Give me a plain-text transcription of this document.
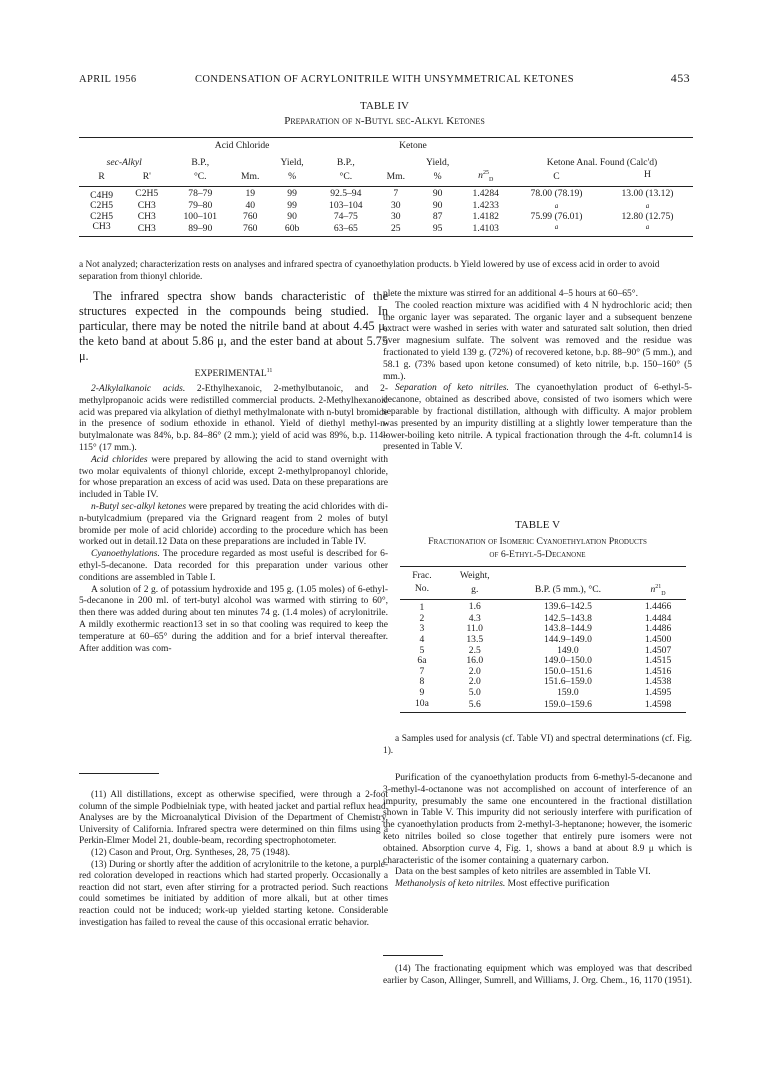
APRIL 1956	CONDENSATION OF ACRYLONITRILE WITH UNSYMMETRICAL KETONES	453
TABLE IV
Preparation of n-Butyl sec-Alkyl Ketones
		Acid Chloride			Ketone					
sec-Alkyl		B.P.,		Yield,	B.P.,		Yield,		Ketone Anal. Found (Calc'd)	
R	R'	°C.	Mm.	%	°C.	Mm.	%	$n^{25}_D$	C	H
C4H9	C2H5	78–79	19	99	92.5–94	7	90	1.4284	78.00 (78.19)	13.00 (13.12)
C2H5	CH3	79–80	40	99	103–104	30	90	1.4233	a	a
C2H5	CH3	100–101	760	90	74–75	30	87	1.4182	75.99 (76.01)	12.80 (12.75)
CH3	CH3	89–90	760	60b	63–65	25	95	1.4103	a	a
a Not analyzed; characterization rests on analyses and infrared spectra of cyanoethylation products. b Yield lowered by use of excess acid in order to avoid separation from thionyl chloride.

The infrared spectra show bands characteristic of the structures expected in the compounds being studied. In particular, there may be noted the nitrile band at about 4.45 μ, the keto band at about 5.86 μ, and the ester band at about 5.75 μ.

EXPERIMENTAL$^{11}$

2-Alkylalkanoic acids. 2-Ethylhexanoic, 2-methylbutanoic, and 2-methylpropanoic acids were redistilled commercial products. 2-Methylhexanoic acid was prepared via alkylation of diethyl methylmalonate with n-butyl bromide in the presence of sodium ethoxide in ethanol. Yield of diethyl methyl-n-butylmalonate was 84%, b.p. 84–86° (2 mm.); yield of acid was 89%, b.p. 114–115° (17 mm.).

Acid chlorides were prepared by allowing the acid to stand overnight with two molar equivalents of thionyl chloride, except 2-methylpropanoyl chloride, for whose preparation an excess of acid was used. Data on these preparations are included in Table IV.

n-Butyl sec-alkyl ketones were prepared by treating the acid chlorides with di-n-butylcadmium (prepared via the Grignard reagent from 2 moles of butyl bromide per mole of acid chloride) according to the procedure which has been worked out in detail.12 Data on these preparations are included in Table IV.

Cyanoethylations. The procedure regarded as most useful is described for 6-ethyl-5-decanone. Data recorded for this preparation under various other conditions are assembled in Table I.

A solution of 2 g. of potassium hydroxide and 195 g. (1.05 moles) of 6-ethyl-5-decanone in 200 ml. of tert-butyl alcohol was warmed with stirring to 60°, then there was added during about ten minutes 74 g. (1.4 moles) of acrylonitrile. A mildly exothermic reaction13 set in so that cooling was required to keep the temperature at 60–65° during the addition and for a brief interval thereafter. After addition was com-

(11) All distillations, except as otherwise specified, were through a 2-foot column of the simple Podbielniak type, with heated jacket and partial reflux head. Analyses are by the Microanalytical Division of the Department of Chemistry, University of California. Infrared spectra were determined on thin films using a Perkin-Elmer Model 21, double-beam, recording spectrophotometer.

(12) Cason and Prout, Org. Syntheses, 28, 75 (1948).

(13) During or shortly after the addition of acrylonitrile to the ketone, a purple-red coloration developed in reactions which had started properly. Occasionally a reaction did not start, even after stirring for a protracted period. Such reactions could sometimes be initiated by addition of more alkali, but at other times reaction could not be induced; work-up yielded starting ketone. Considerable investigation has failed to reveal the cause of this occasional erratic behavior.

plete the mixture was stirred for an additional 4–5 hours at 60–65°.

The cooled reaction mixture was acidified with 4 N hydrochloric acid; then the organic layer was separated. The organic layer and a subsequent benzene extract were washed in series with water and saturated salt solution, then dried over magnesium sulfate. The solvent was removed and the residue was fractionated to yield 139 g. (72%) of recovered ketone, b.p. 88–90° (5 mm.), and 58.1 g. (73% based upon ketone consumed) of keto nitrile, b.p. 150–160° (5 mm.).

Separation of keto nitriles. The cyanoethylation product of 6-ethyl-5-decanone, obtained as described above, consisted of two isomers which were separable by fractional distillation, although with difficulty. A major problem was presented by an impurity distilling at a slightly lower temperature than the lower-boiling keto nitrile. A typical fractionation through the 4-ft. column14 is presented in Table V.

TABLE V
Fractionation of Isomeric Cyanoethylation Products
of 6-Ethyl-5-Decanone
Frac.	Weight,		
No.	g.	B.P. (5 mm.), °C.	$n^{21}_D$
1	1.6	139.6–142.5	1.4466
2	4.3	142.5–143.8	1.4484
3	11.0	143.8–144.9	1.4486
4	13.5	144.9–149.0	1.4500
5	2.5	149.0	1.4507
6a	16.0	149.0–150.0	1.4515
7	2.0	150.0–151.6	1.4516
8	2.0	151.6–159.0	1.4538
9	5.0	159.0	1.4595
10a	5.6	159.0–159.6	1.4598

a Samples used for analysis (cf. Table VI) and spectral determinations (cf. Fig. 1).

Purification of the cyanoethylation products from 6-methyl-5-decanone and 3-methyl-4-octanone was not accomplished on account of interference of an impurity, presumably the same one encountered in the fractional distillation shown in Table V. This impurity did not seriously interfere with purification of the cyanoethylation products from 2-methyl-3-heptanone; however, the isomeric keto nitriles boiled so close together that entirely pure isomers were not obtained. Absorption curve 4, Fig. 1, shows a band at about 8.9 μ which is characteristic of the isomer containing a quaternary carbon.

Data on the best samples of keto nitriles are assembled in Table VI.

Methanolysis of keto nitriles. Most effective purification

(14) The fractionating equipment which was employed was that described earlier by Cason, Allinger, Sumrell, and Williams, J. Org. Chem., 16, 1170 (1951).
